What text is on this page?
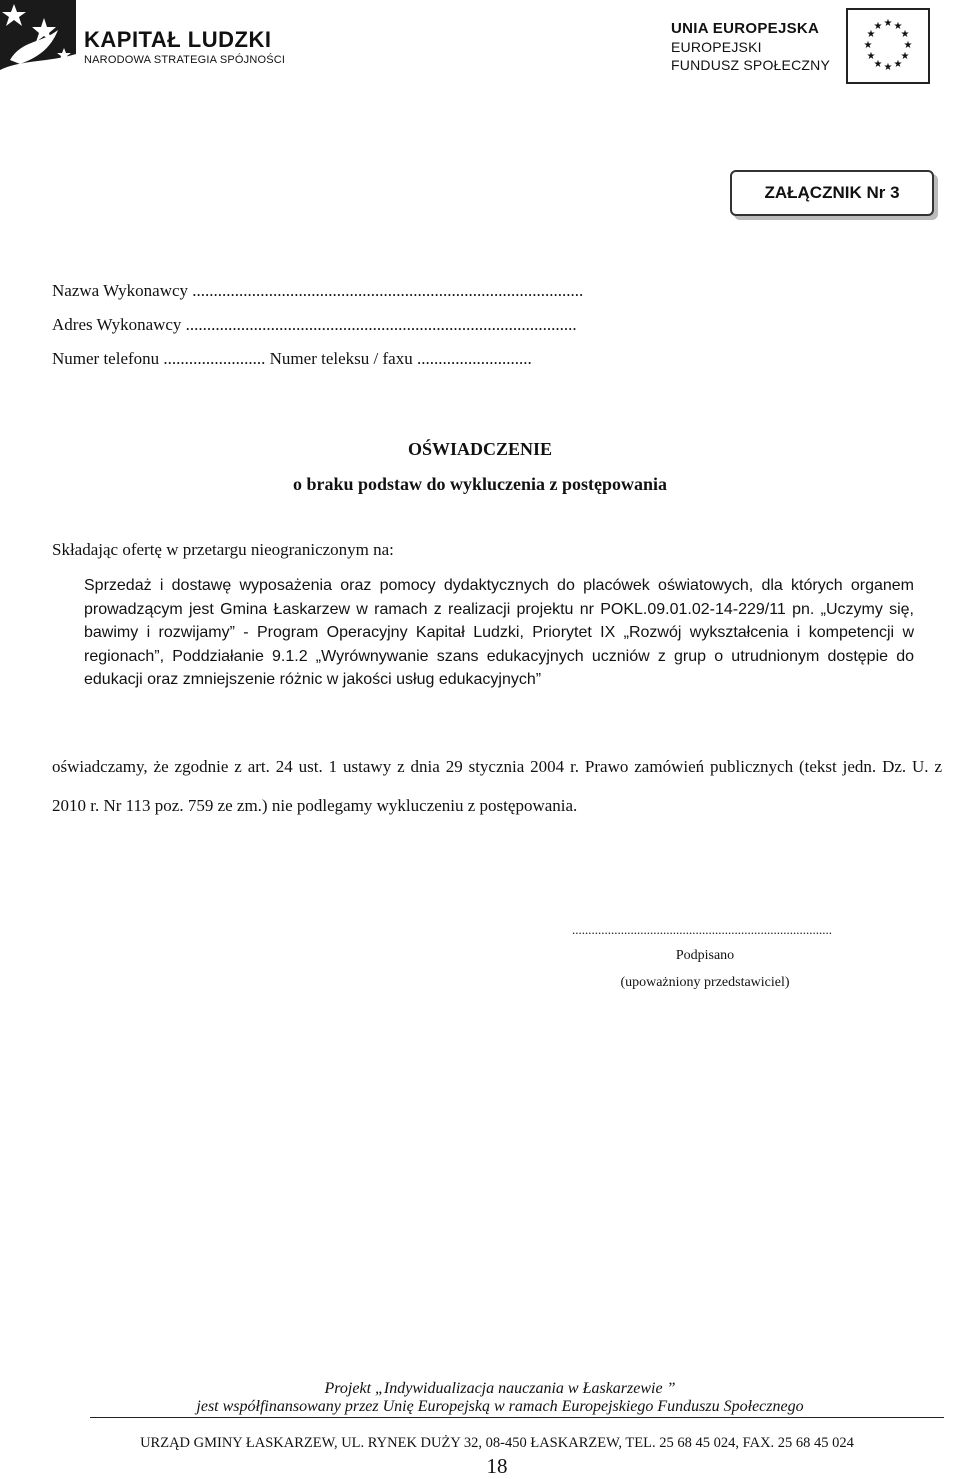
KAPITAŁ LUDZKI
NARODOWA STRATEGIA SPÓJNOŚCI
UNIA EUROPEJSKA
EUROPEJSKI
FUNDUSZ SPOŁECZNY
★ ★
★
★
★
★
★
★
★
★
★
★
ZAŁĄCZNIK Nr 3
Nazwa Wykonawcy ............................................................................................
Adres Wykonawcy ............................................................................................
Numer telefonu ........................ Numer teleksu / faxu ...........................
OŚWIADCZENIE
o braku podstaw do wykluczenia z postępowania
Składając ofertę w przetargu nieograniczonym na:
Sprzedaż i dostawę wyposażenia oraz pomocy dydaktycznych do placówek oświatowych, dla których organem prowadzącym jest Gmina Łaskarzew w ramach z realizacji projektu nr POKL.09.01.02-14-229/11 pn. „Uczymy się, bawimy i rozwijamy” - Program Operacyjny Kapitał Ludzki, Priorytet IX „Rozwój wykształcenia i kompetencji w regionach”, Poddziałanie 9.1.2 „Wyrównywanie szans edukacyjnych uczniów z grup o utrudnionym dostępie do edukacji oraz zmniejszenie różnic w jakości usług edukacyjnych”
oświadczamy, że zgodnie z art. 24 ust. 1 ustawy z dnia 29 stycznia 2004 r. Prawo zamówień publicznych (tekst jedn. Dz. U. z 2010 r. Nr 113 poz. 759 ze zm.) nie podlegamy wykluczeniu z postępowania.
................................................................................
Podpisano
(upoważniony przedstawiciel)
Projekt „Indywidualizacja nauczania w Łaskarzewie ”
jest współfinansowany przez Unię Europejską w ramach Europejskiego Funduszu Społecznego
URZĄD GMINY ŁASKARZEW, UL. RYNEK DUŻY 32, 08-450 ŁASKARZEW, TEL. 25 68 45 024, FAX. 25 68 45 024
18
